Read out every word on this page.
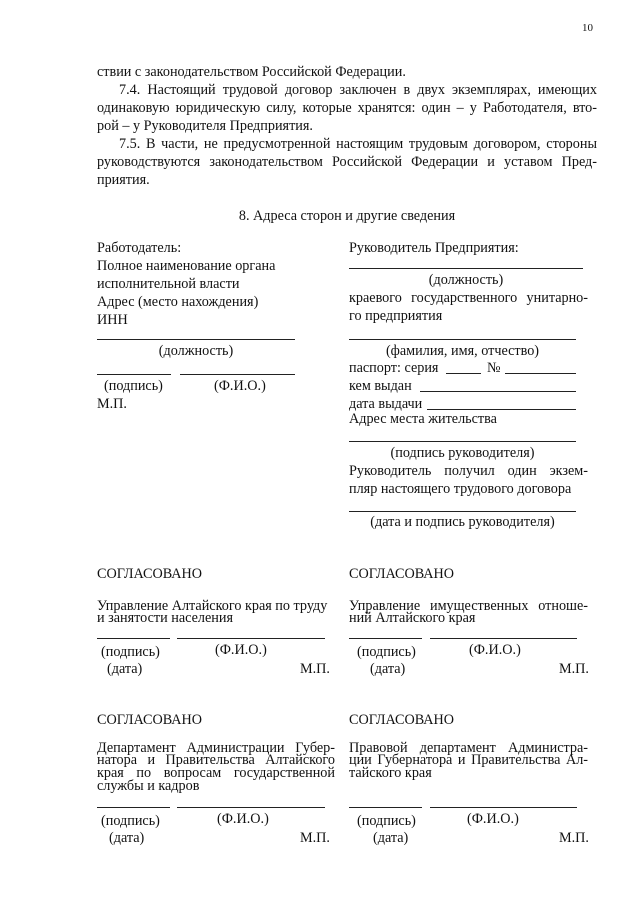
10
ствии с законодательством Российской Федерации.
7.4. Настоящий трудовой договор заключен в двух экземплярах, имеющих
одинаковую юридическую силу, которые хранятся: один – у Работодателя, вто-
рой – у Руководителя Предприятия.
7.5. В части, не предусмотренной настоящим трудовым договором, стороны
руководствуются законодательством Российской Федерации и уставом Пред-
приятия.
8. Адреса сторон и другие сведения
Работодатель:
Полное наименование органа
исполнительной власти
Адрес (место нахождения)
ИНН
(должность)
(подпись)	(Ф.И.О.)
М.П.
Руководитель Предприятия:
(должность)
краевого государственного унитарно-
го предприятия
(фамилия, имя, отчество)
паспорт: серия	№
кем выдан
дата выдачи
Адрес места жительства
(подпись руководителя)
Руководитель получил один экзем-
пляр настоящего трудового договора
(дата и подпись руководителя)
СОГЛАСОВАНО
Управление Алтайского края по труду
и занятости населения
(подпись)	(Ф.И.О.)
(дата)	М.П.
СОГЛАСОВАНО
Управление имущественных отноше-
ний Алтайского края
(подпись)	(Ф.И.О.)
(дата)	М.П.
СОГЛАСОВАНО
Департамент Администрации Губер-
натора и Правительства Алтайского
края по вопросам государственной
службы и кадров
(подпись)	(Ф.И.О.)
(дата)	М.П.
СОГЛАСОВАНО
Правовой департамент Администра-
ции Губернатора и Правительства Ал-
тайского края
(подпись)	(Ф.И.О.)
(дата)	М.П.
